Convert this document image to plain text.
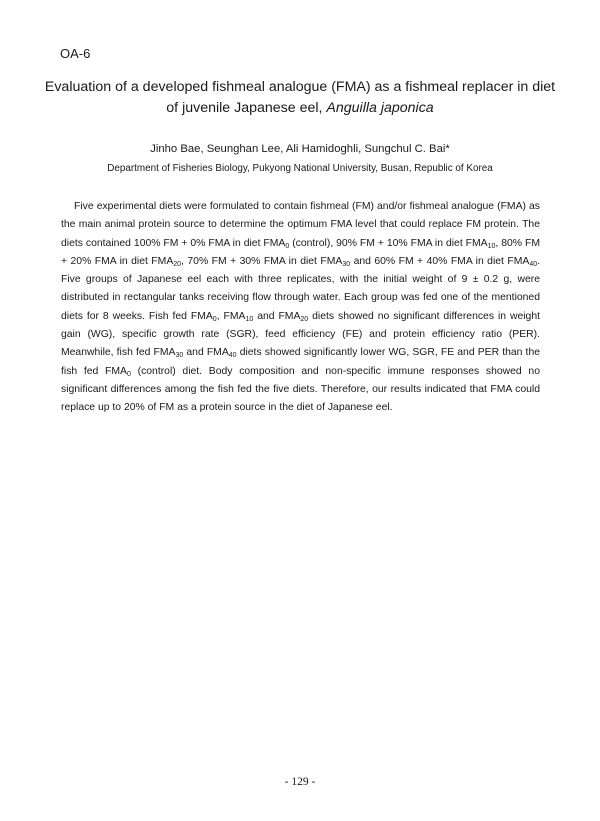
OA-6
Evaluation of a developed fishmeal analogue (FMA) as a fishmeal replacer in diet of juvenile Japanese eel, Anguilla japonica
Jinho Bae, Seunghan Lee, Ali Hamidoghli, Sungchul C. Bai*
Department of Fisheries Biology, Pukyong National University, Busan, Republic of Korea

Five experimental diets were formulated to contain fishmeal (FM) and/or fishmeal analogue (FMA) as the main animal protein source to determine the optimum FMA level that could replace FM protein. The diets contained 100% FM + 0% FMA in diet $FMA_0$ (control), 90% FM + 10% FMA in diet $FMA_{10}$, 80% FM + 20% FMA in diet $FMA_{20}$, 70% FM + 30% FMA in diet $FMA_{30}$ and 60% FM + 40% FMA in diet $FMA_{40}$. Five groups of Japanese eel each with three replicates, with the initial weight of 9 ± 0.2 g, were distributed in rectangular tanks receiving flow through water. Each group was fed one of the mentioned diets for 8 weeks. Fish fed $FMA_0$, $FMA_{10}$ and $FMA_{20}$ diets showed no significant differences in weight gain (WG), specific growth rate (SGR), feed efficiency (FE) and protein efficiency ratio (PER). Meanwhile, fish fed $FMA_{30}$ and $FMA_{40}$ diets showed significantly lower WG, SGR, FE and PER than the fish fed $FMA_0$ (control) diet. Body composition and non-specific immune responses showed no significant differences among the fish fed the five diets. Therefore, our results indicated that FMA could replace up to 20% of FM as a protein source in the diet of Japanese eel.

- 129 -
